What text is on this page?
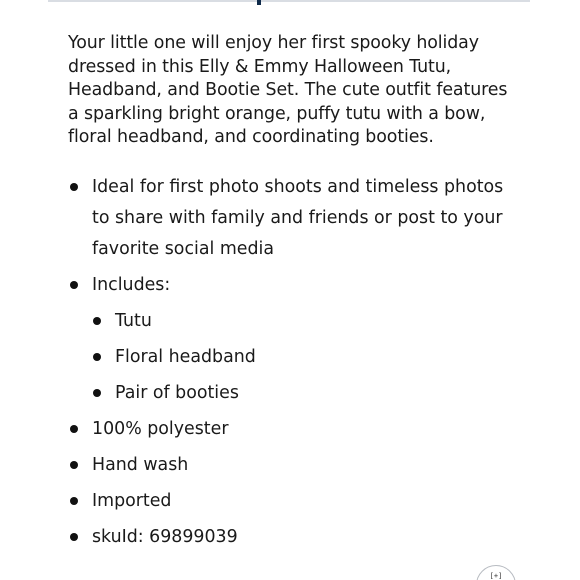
Your little one will enjoy her first spooky holiday dressed in this Elly & Emmy Halloween Tutu, Headband, and Bootie Set. The cute outfit features a sparkling bright orange, puffy tutu with a bow, floral headband, and coordinating booties.

Ideal for first photo shoots and timeless photos to share with family and friends or post to your favorite social media
Includes:
Tutu
Floral headband
Pair of booties
100% polyester
Hand wash
Imported
skuId: 69899039
[+]
